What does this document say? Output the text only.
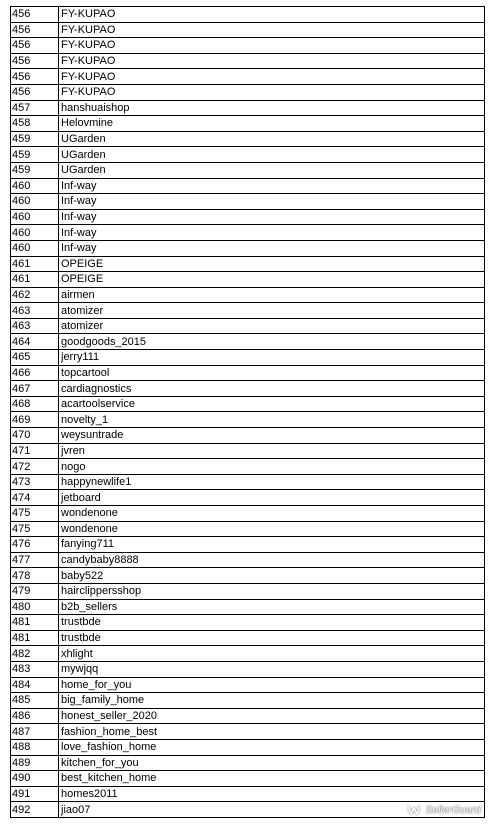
456	FY-KUPAO
456	FY-KUPAO
456	FY-KUPAO
456	FY-KUPAO
456	FY-KUPAO
456	FY-KUPAO
457	hanshuaishop
458	Helovmine
459	UGarden
459	UGarden
459	UGarden
460	Inf-way
460	Inf-way
460	Inf-way
460	Inf-way
460	Inf-way
461	OPEIGE
461	OPEIGE
462	airmen
463	atomizer
463	atomizer
464	goodgoods_2015
465	jerry111
466	topcartool
467	cardiagnostics
468	acartoolservice
469	novelty_1
470	weysuntrade
471	jvren
472	nogo
473	happynewlife1
474	jetboard
475	wondenone
475	wondenone
476	fanying711
477	candybaby8888
478	baby522
479	hairclippersshop
480	b2b_sellers
481	trustbde
481	trustbde
482	xhlight
483	mywjqq
484	home_for_you
485	big_family_home
486	honest_seller_2020
487	fashion_home_best
488	love_fashion_home
489	kitchen_for_you
490	best_kitchen_home
491	homes2011
492	jiao07	SellerGuard
